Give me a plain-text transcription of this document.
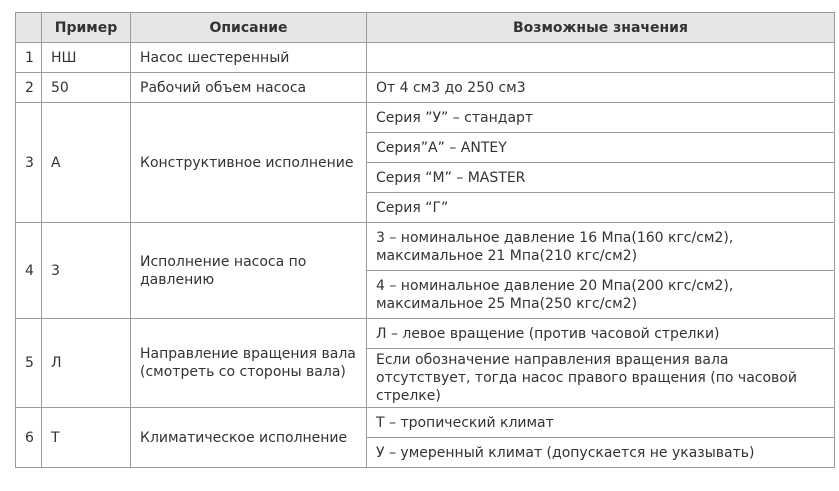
	Пример	Описание	Возможные значения
1	НШ	Насос шестеренный	
2	50	Рабочий объем насоса	От 4 см3 до 250 см3
3	А	Конструктивное исполнение	Серия ”У” – стандарт
			Серия”А” – ANTEY
			Серия “М” – MASTER
			Серия “Г”
4	3	Исполнение насоса по давлению	3 – номинальное давление 16 Мпа(160 кгс/см2), максимальное 21 Мпа(210 кгс/см2)
			4 – номинальное давление 20 Мпа(200 кгс/см2), максимальное 25 Мпа(250 кгс/см2)
5	Л	Направление вращения вала (смотреть со стороны вала)	Л – левое вращение (против часовой стрелки)
			Если обозначение направления вращения вала отсутствует, тогда насос правого вращения (по часовой стрелке)
6	Т	Климатическое исполнение	Т – тропический климат
			У – умеренный климат (допускается не указывать)
